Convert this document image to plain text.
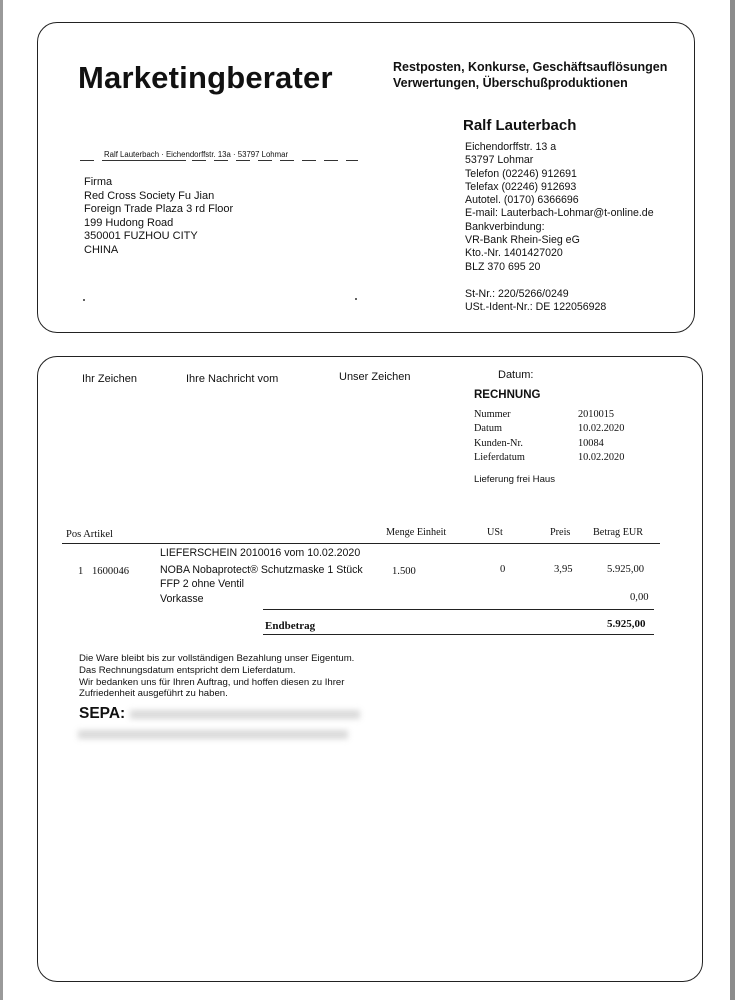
Marketingberater	Restposten, Konkurse, Geschäftsauflösungen
Verwertungen, Überschußproduktionen
Ralf Lauterbach
Eichendorffstr. 13 a
53797 Lohmar
Telefon (02246) 912691
Telefax (02246) 912693
Autotel. (0170) 6366696
E-mail: Lauterbach-Lohmar@t-online.de
Bankverbindung:
VR-Bank Rhein-Sieg eG
Kto.-Nr. 1401427020
BLZ 370 695 20
St-Nr.: 220/5266/0249
USt.-Ident-Nr.: DE 122056928
Ralf Lauterbach · Eichendorffstr. 13a · 53797 Lohmar
Firma
Red Cross Society Fu Jian
Foreign Trade Plaza 3 rd Floor
199 Hudong Road
350001 FUZHOU CITY
CHINA
Ihr Zeichen	Ihre Nachricht vom	Unser Zeichen	Datum:
RECHNUNG
Nummer	2010015
Datum	10.02.2020
Kunden-Nr.	10084
Lieferdatum	10.02.2020
Lieferung frei Haus
Pos Artikel	Menge Einheit	USt	Preis Betrag EUR
LIEFERSCHEIN 2010016 vom 10.02.2020
1 1600046	NOBA Nobaprotect® Schutzmaske 1 Stück
FFP 2 ohne Ventil
1.500	0	3,95	5.925,00
Vorkasse	0,00
Endbetrag	5.925,00
Die Ware bleibt bis zur vollständigen Bezahlung unser Eigentum.
Das Rechnungsdatum entspricht dem Lieferdatum.
Wir bedanken uns für Ihren Auftrag, und hoffen diesen zu Ihrer
Zufriedenheit ausgeführt zu haben.
SEPA:
